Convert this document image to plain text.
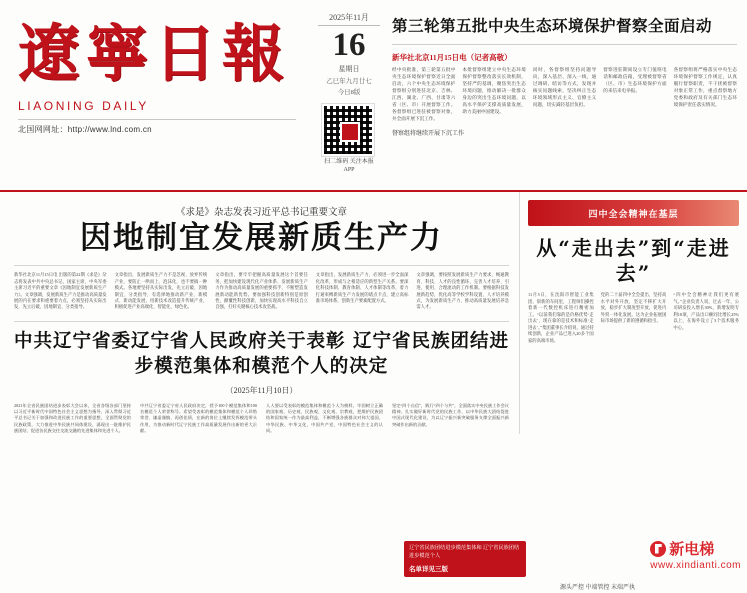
遼寧日報
LIAONING DAILY
北国网网址：http://www.lnd.com.cn
2025年11月
16
星期日
乙巳年九月廿七
今日8版
扫二维码 关注本报APP
第三轮第五批中央生态环境保护督察全面启动
新华社北京11月15日电（记者高敬）
经中央批准，第三轮第五批中央生态环境保护督察近日全面启动，六个中央生态环境保护督察组分别进驻北京、吉林、江西、湖北、广西、甘肃等六省（区、市）开展督察工作。各督察组已进驻被督察对象，并全面开展下沉工作。
本批督察组建立中央生态环境保护督察整改落实长效机制，坚持严的基调，聚焦突出生态环境问题，推动解决一批群众身边的突出生态环境问题，以高水平保护支撑高质量发展，助力美丽中国建设。
同时，各督察组坚持问题导向，深入基层、深入一线，通过调研、暗访等方式，发现并核实问题线索，坚决纠正生态环境领域形式主义、官僚主义问题，切实减轻基层负担。
督察进驻期间设立专门值班电话和邮政信箱，受理被督察省（区、市）生态环境保护方面的来信来电举报。
各督察组将严格落实中央生态环境保护督察工作规定，认真履行督察职责，不干扰被督察对象正常工作，重点督察地方党委和政府及有关部门生态环境保护责任落实情况。
督察组将继续开展下沉工作
《求是》杂志发表习近平总书记重要文章
因地制宜发展新质生产力
新华社北京11月15日电 出版的第22期《求是》杂志将发表中共中央总书记、国家主席、中央军委主席习近平的重要文章《因地制宜发展新质生产力》。文章强调，发展新质生产力是推动高质量发展的内在要求和重要着力点，必须坚持从实际出发，先立后破、因地制宜、分类指导。
文章指出，发展新质生产力不是忽视、放弃传统产业，要防止一哄而上、泡沫化，也不要搞一种模式。各地要坚持从实际出发，先立后破、因地制宜、分类指导，有选择地推动新产业、新模式、新动能发展，用新技术改造提升传统产业，积极促进产业高端化、智能化、绿色化。
文章指出，要牢牢把握高质量发展这个首要任务，把加快建设现代化产业体系、发展新质生产力作为推动高质量发展的重要抓手，不断塑造发展新动能新优势。要加强科技创新特别是原创性、颠覆性科技创新，加快实现高水平科技自立自强，打好关键核心技术攻坚战。
文章指出，发展新质生产力，必须进一步全面深化改革，形成与之相适应的新型生产关系。要深化科技体制、教育体制、人才体制等改革，着力打通束缚新质生产力发展的堵点卡点，建立高标准市场体系，创新生产要素配置方式。
文章强调，要按照发展新质生产力要求，畅通教育、科技、人才的良性循环，完善人才培养、引进、使用、合理流动的工作机制。要根据科技发展新趋势，优化高等学校学科设置、人才培养模式，为发展新质生产力、推动高质量发展培养急需人才。
中共辽宁省委辽宁省人民政府关于表彰 辽宁省民族团结进步模范集体和模范个人的决定
（2025年11月10日）
2021年全省民族团结进步表彰大会以来，全省各级各部门坚持以习近平新时代中国特色社会主义思想为指导，深入贯彻习近平总书记关于加强和改进民族工作的重要思想，全面贯彻党的民族政策，大力推进中华民族共同体建设，涌现出一批维护民族团结、促进各民族交往交流交融的先进集体和先进个人。
中共辽宁省委辽宁省人民政府决定，授予100个模范集体和100名模范个人荣誉称号。希望受表彰的模范集体和模范个人珍惜荣誉、谦虚谨慎、再创佳绩，在新的岗位上继续发挥模范带头作用，为推动新时代辽宁民族工作高质量发展作出新的更大贡献。
人人要以受表彰的模范集体和模范个人为榜样，牢固树立正确的国家观、历史观、民族观、文化观、宗教观，把维护民族团结和国家统一作为最高利益，不断增强各族群众对伟大祖国、中华民族、中华文化、中国共产党、中国特色社会主义的认同。
坚定“四个自信”，践行“四个与共”，全面落实中央民族工作会议精神，扎实做好新时代党的民族工作，以中华民族大团结促进中国式现代化建设，为以辽宁振兴新突破服务支撑全面振兴新突破作出新的贡献。
四中全会精神在基层
从“走出去”到“走进去”
11月5日，在沈阳市智能工业集团，崭新的车间里，工程师们操控着新一代数控机床进行精密加工。“以前我们靠的是价格优势‘走出去’，现在靠的是技术和标准‘走进去’。”集团董事长介绍说，通过持续创新，企业产品已进入20多个国家的高端市场。
党的二十届四中全会提出，坚持高水平对外开放，坚定不移扩大开放，稳步扩大制度型开放，促进内外贸一体化发展。这为企业拓展国际市场提供了新的遵循和指引。
“四中全会精神让我们更有底气。”企业负责人说，过去一年，公司研发投入增长30%，新增发明专利18项，产品出口额同比增长25%以上，在海外设立了3个技术服务中心。
辽宁省民族团结进步模范集体和 辽宁省民族团结进步模范个人
名单详见三版
源头严控 中端管控 末端严执
新电梯
www.xindianti.com
